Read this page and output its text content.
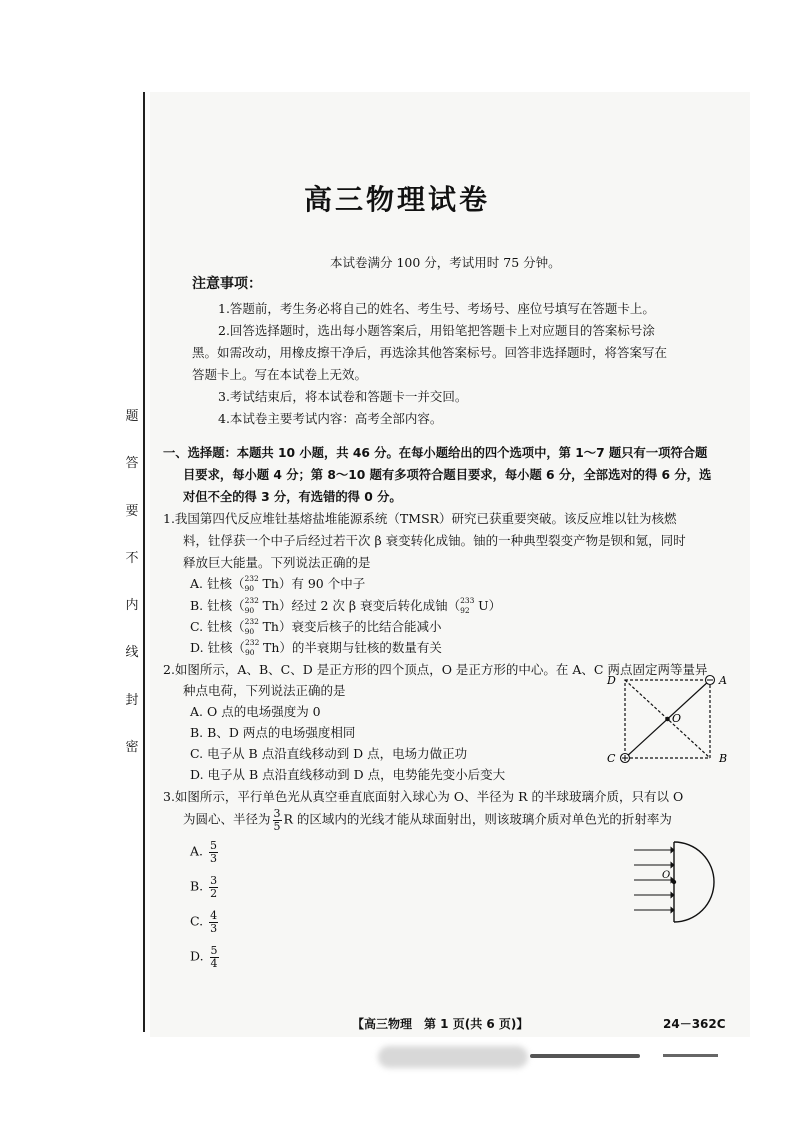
题
答
要
不
内
线
封
密
高三物理试卷
本试卷满分 100 分，考试用时 75 分钟。
注意事项：
1.答题前，考生务必将自己的姓名、考生号、考场号、座位号填写在答题卡上。
2.回答选择题时，选出每小题答案后，用铅笔把答题卡上对应题目的答案标号涂
黑。如需改动，用橡皮擦干净后，再选涂其他答案标号。回答非选择题时，将答案写在
答题卡上。写在本试卷上无效。
3.考试结束后，将本试卷和答题卡一并交回。
4.本试卷主要考试内容：高考全部内容。
一、选择题：本题共 10 小题，共 46 分。在每小题给出的四个选项中，第 1～7 题只有一项符合题
目要求，每小题 4 分；第 8～10 题有多项符合题目要求，每小题 6 分，全部选对的得 6 分，选
对但不全的得 3 分，有选错的得 0 分。
1.我国第四代反应堆钍基熔盐堆能源系统（TMSR）研究已获重要突破。该反应堆以钍为核燃
料，钍俘获一个中子后经过若干次 β 衰变转化成铀。铀的一种典型裂变产物是钡和氪，同时
释放巨大能量。下列说法正确的是
A. 钍核（ 232
90 Th）有 90 个中子
B. 钍核（ 232
90 Th）经过 2 次 β 衰变后转化成铀（ 233
92 U）
C. 钍核（ 232
90 Th）衰变后核子的比结合能减小
D. 钍核（ 232
90 Th）的半衰期与钍核的数量有关
2.如图所示，A、B、C、D 是正方形的四个顶点，O 是正方形的中心。在 A、C 两点固定两等量异
种点电荷，下列说法正确的是
A. O 点的电场强度为 0
B. B、D 两点的电场强度相同
C. 电子从 B 点沿直线移动到 D 点，电场力做正功
D. 电子从 B 点沿直线移动到 D 点，电势能先变小后变大
D	A
C	B
O
3.如图所示，平行单色光从真空垂直底面射入球心为 O、半径为 R 的半球玻璃介质，只有以 O
为圆心、半径为 $\frac{3}{5}$ R 的区域内的光线才能从球面射出，则该玻璃介质对单色光的折射率为
A. $\frac{5}{3}$
B. $\frac{3}{2}$
C. $\frac{4}{3}$
D. $\frac{5}{4}$
O
【高三物理　第 1 页(共 6 页)】	24－362C
